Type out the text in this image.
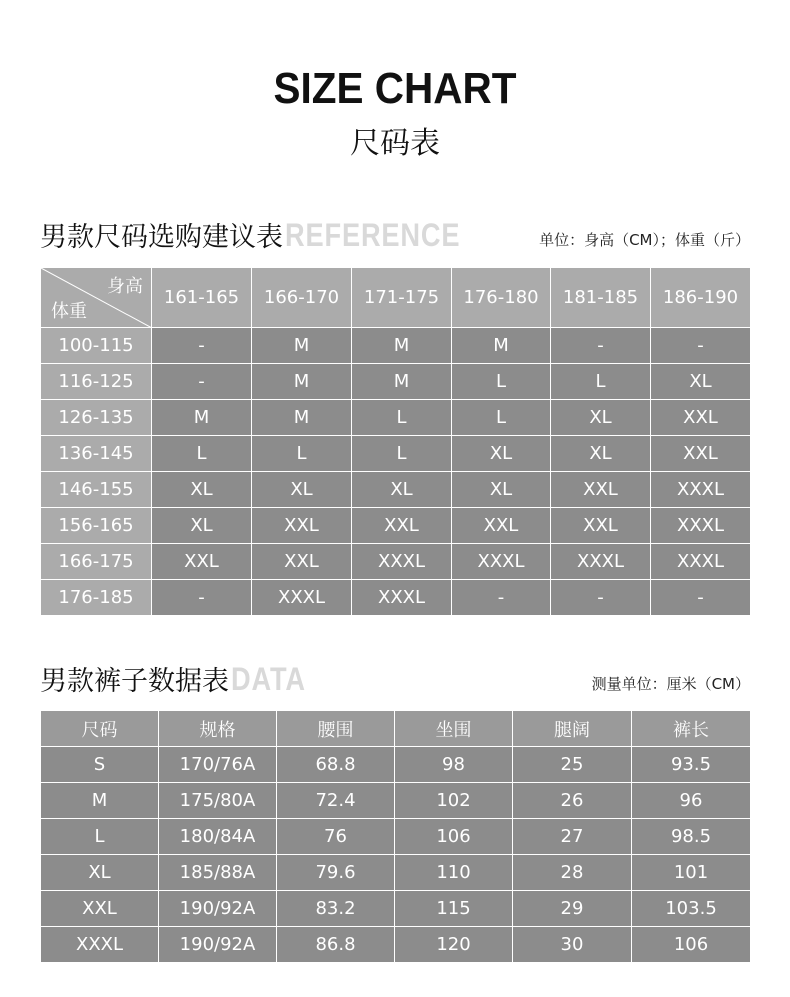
SIZE CHART
尺码表
男款尺码选购建议表REFERENCE	单位：身高（CM）；体重（斤）
身高
体重	161-165	166-170	171-175	176-180	181-185	186-190
100-115	-	M	M	M	-	-
116-125	-	M	M	L	L	XL
126-135	M	M	L	L	XL	XXL
136-145	L	L	L	XL	XL	XXL
146-155	XL	XL	XL	XL	XXL	XXXL
156-165	XL	XXL	XXL	XXL	XXL	XXXL
166-175	XXL	XXL	XXXL	XXXL	XXXL	XXXL
176-185	-	XXXL	XXXL	-	-	-
男款裤子数据表DATA	测量单位：厘米（CM）
尺码	规格	腰围	坐围	腿阔	裤长
S	170/76A	68.8	98	25	93.5
M	175/80A	72.4	102	26	96
L	180/84A	76	106	27	98.5
XL	185/88A	79.6	110	28	101
XXL	190/92A	83.2	115	29	103.5
XXXL	190/92A	86.8	120	30	106
